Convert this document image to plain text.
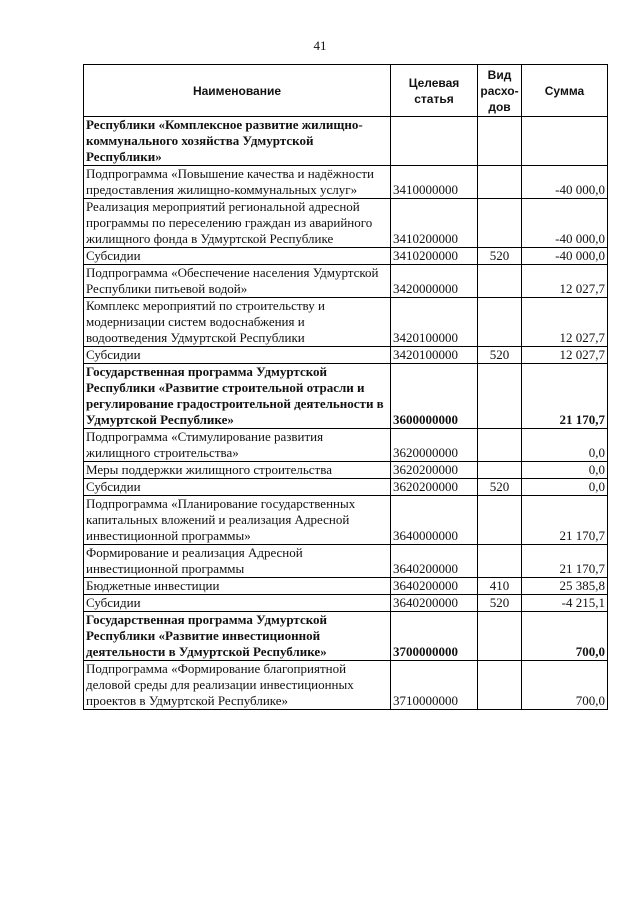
41
Наименование	Целевая статья	Вид расхо-дов	Сумма
Республики «Комплексное развитие жилищно-коммунального хозяйства Удмуртской Республики»			
Подпрограмма «Повышение качества и надёжности предоставления жилищно-коммунальных услуг»	3410000000		-40 000,0
Реализация мероприятий региональной адресной программы по переселению граждан из аварийного жилищного фонда в Удмуртской Республике	3410200000		-40 000,0
Субсидии	3410200000	520	-40 000,0
Подпрограмма «Обеспечение населения Удмуртской Республики питьевой водой»	3420000000		12 027,7
Комплекс мероприятий по строительству и модернизации систем водоснабжения и водоотведения Удмуртской Республики	3420100000		12 027,7
Субсидии	3420100000	520	12 027,7
Государственная программа Удмуртской Республики «Развитие строительной отрасли и регулирование градостроительной деятельности в Удмуртской Республике»	3600000000		21 170,7
Подпрограмма «Стимулирование развития жилищного строительства»	3620000000		0,0
Меры поддержки жилищного строительства	3620200000		0,0
Субсидии	3620200000	520	0,0
Подпрограмма «Планирование государственных капитальных вложений и реализация Адресной инвестиционной программы»	3640000000		21 170,7
Формирование и реализация Адресной инвестиционной программы	3640200000		21 170,7
Бюджетные инвестиции	3640200000	410	25 385,8
Субсидии	3640200000	520	-4 215,1
Государственная программа Удмуртской Республики «Развитие инвестиционной деятельности в Удмуртской Республике»	3700000000		700,0
Подпрограмма «Формирование благоприятной деловой среды для реализации инвестиционных проектов в Удмуртской Республике»	3710000000		700,0
